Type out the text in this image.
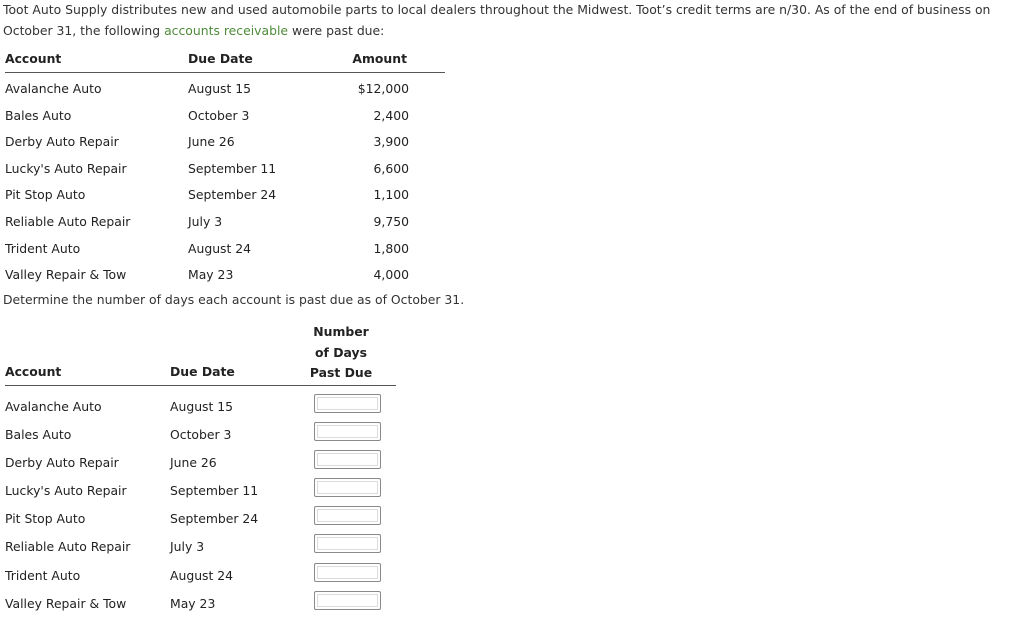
Toot Auto Supply distributes new and used automobile parts to local dealers throughout the Midwest. Toot’s credit terms are n/30. As of the end of business on October 31, the following accounts receivable were past due:
Account	Due Date	Amount
Avalanche Auto	August 15	$12,000
Bales Auto	October 3	2,400
Derby Auto Repair	June 26	3,900
Lucky's Auto Repair	September 11	6,600
Pit Stop Auto	September 24	1,100
Reliable Auto Repair	July 3	9,750
Trident Auto	August 24	1,800
Valley Repair & Tow	May 23	4,000
Determine the number of days each account is past due as of October 31.
Account	Due Date
Number
of Days
Past Due
Avalanche Auto	August 15
Bales Auto	October 3
Derby Auto Repair	June 26
Lucky's Auto Repair	September 11
Pit Stop Auto	September 24
Reliable Auto Repair	July 3
Trident Auto	August 24
Valley Repair & Tow	May 23
